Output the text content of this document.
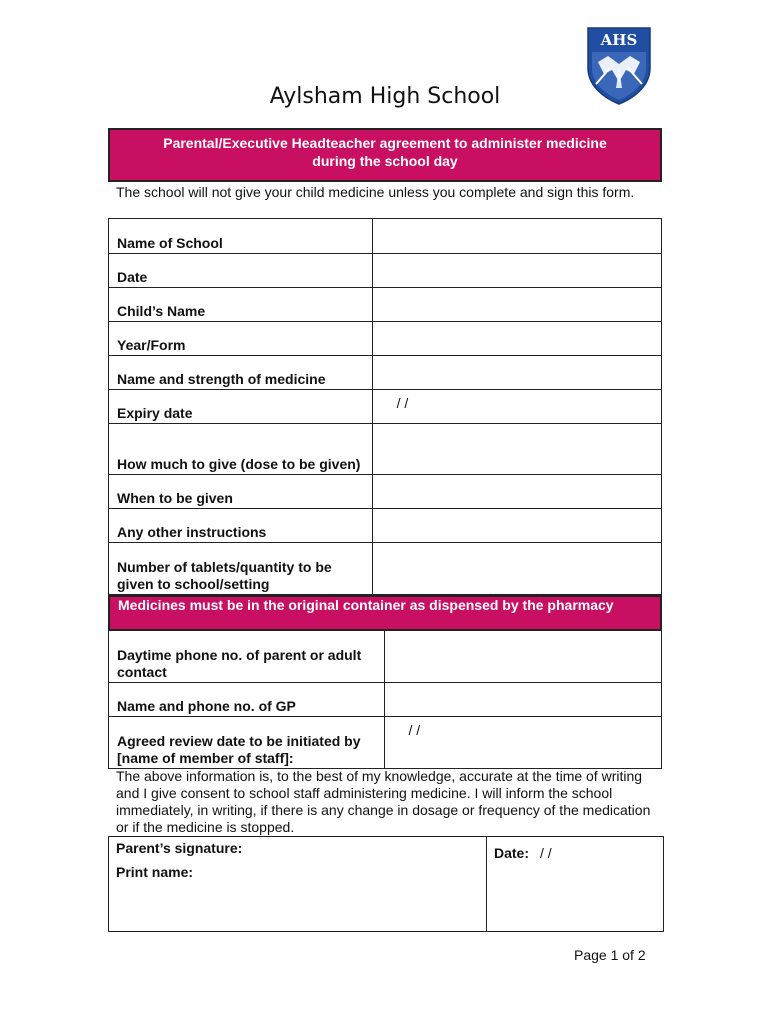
Aylsham High School
AHS
Parental/Executive Headteacher agreement to administer medicine
during the school day
The school will not give your child medicine unless you complete and sign this form.
Name of School	
Date	
Child’s Name	
Year/Form	
Name and strength of medicine	
Expiry date	/ /
How much to give (dose to be given)	
When to be given	
Any other instructions	
Number of tablets/quantity to be given to school/setting	
Medicines must be in the original container as dispensed by the pharmacy
Daytime phone no. of parent or adult contact	
Name and phone no. of GP	
Agreed review date to be initiated by [name of member of staff]:	/ /
The above information is, to the best of my knowledge, accurate at the time of writing and I give consent to school staff administering medicine. I will inform the school immediately, in writing, if there is any change in dosage or frequency of the medication or if the medicine is stopped.
Parent’s signature:
Print name:
Date: / /
Page 1 of 2
